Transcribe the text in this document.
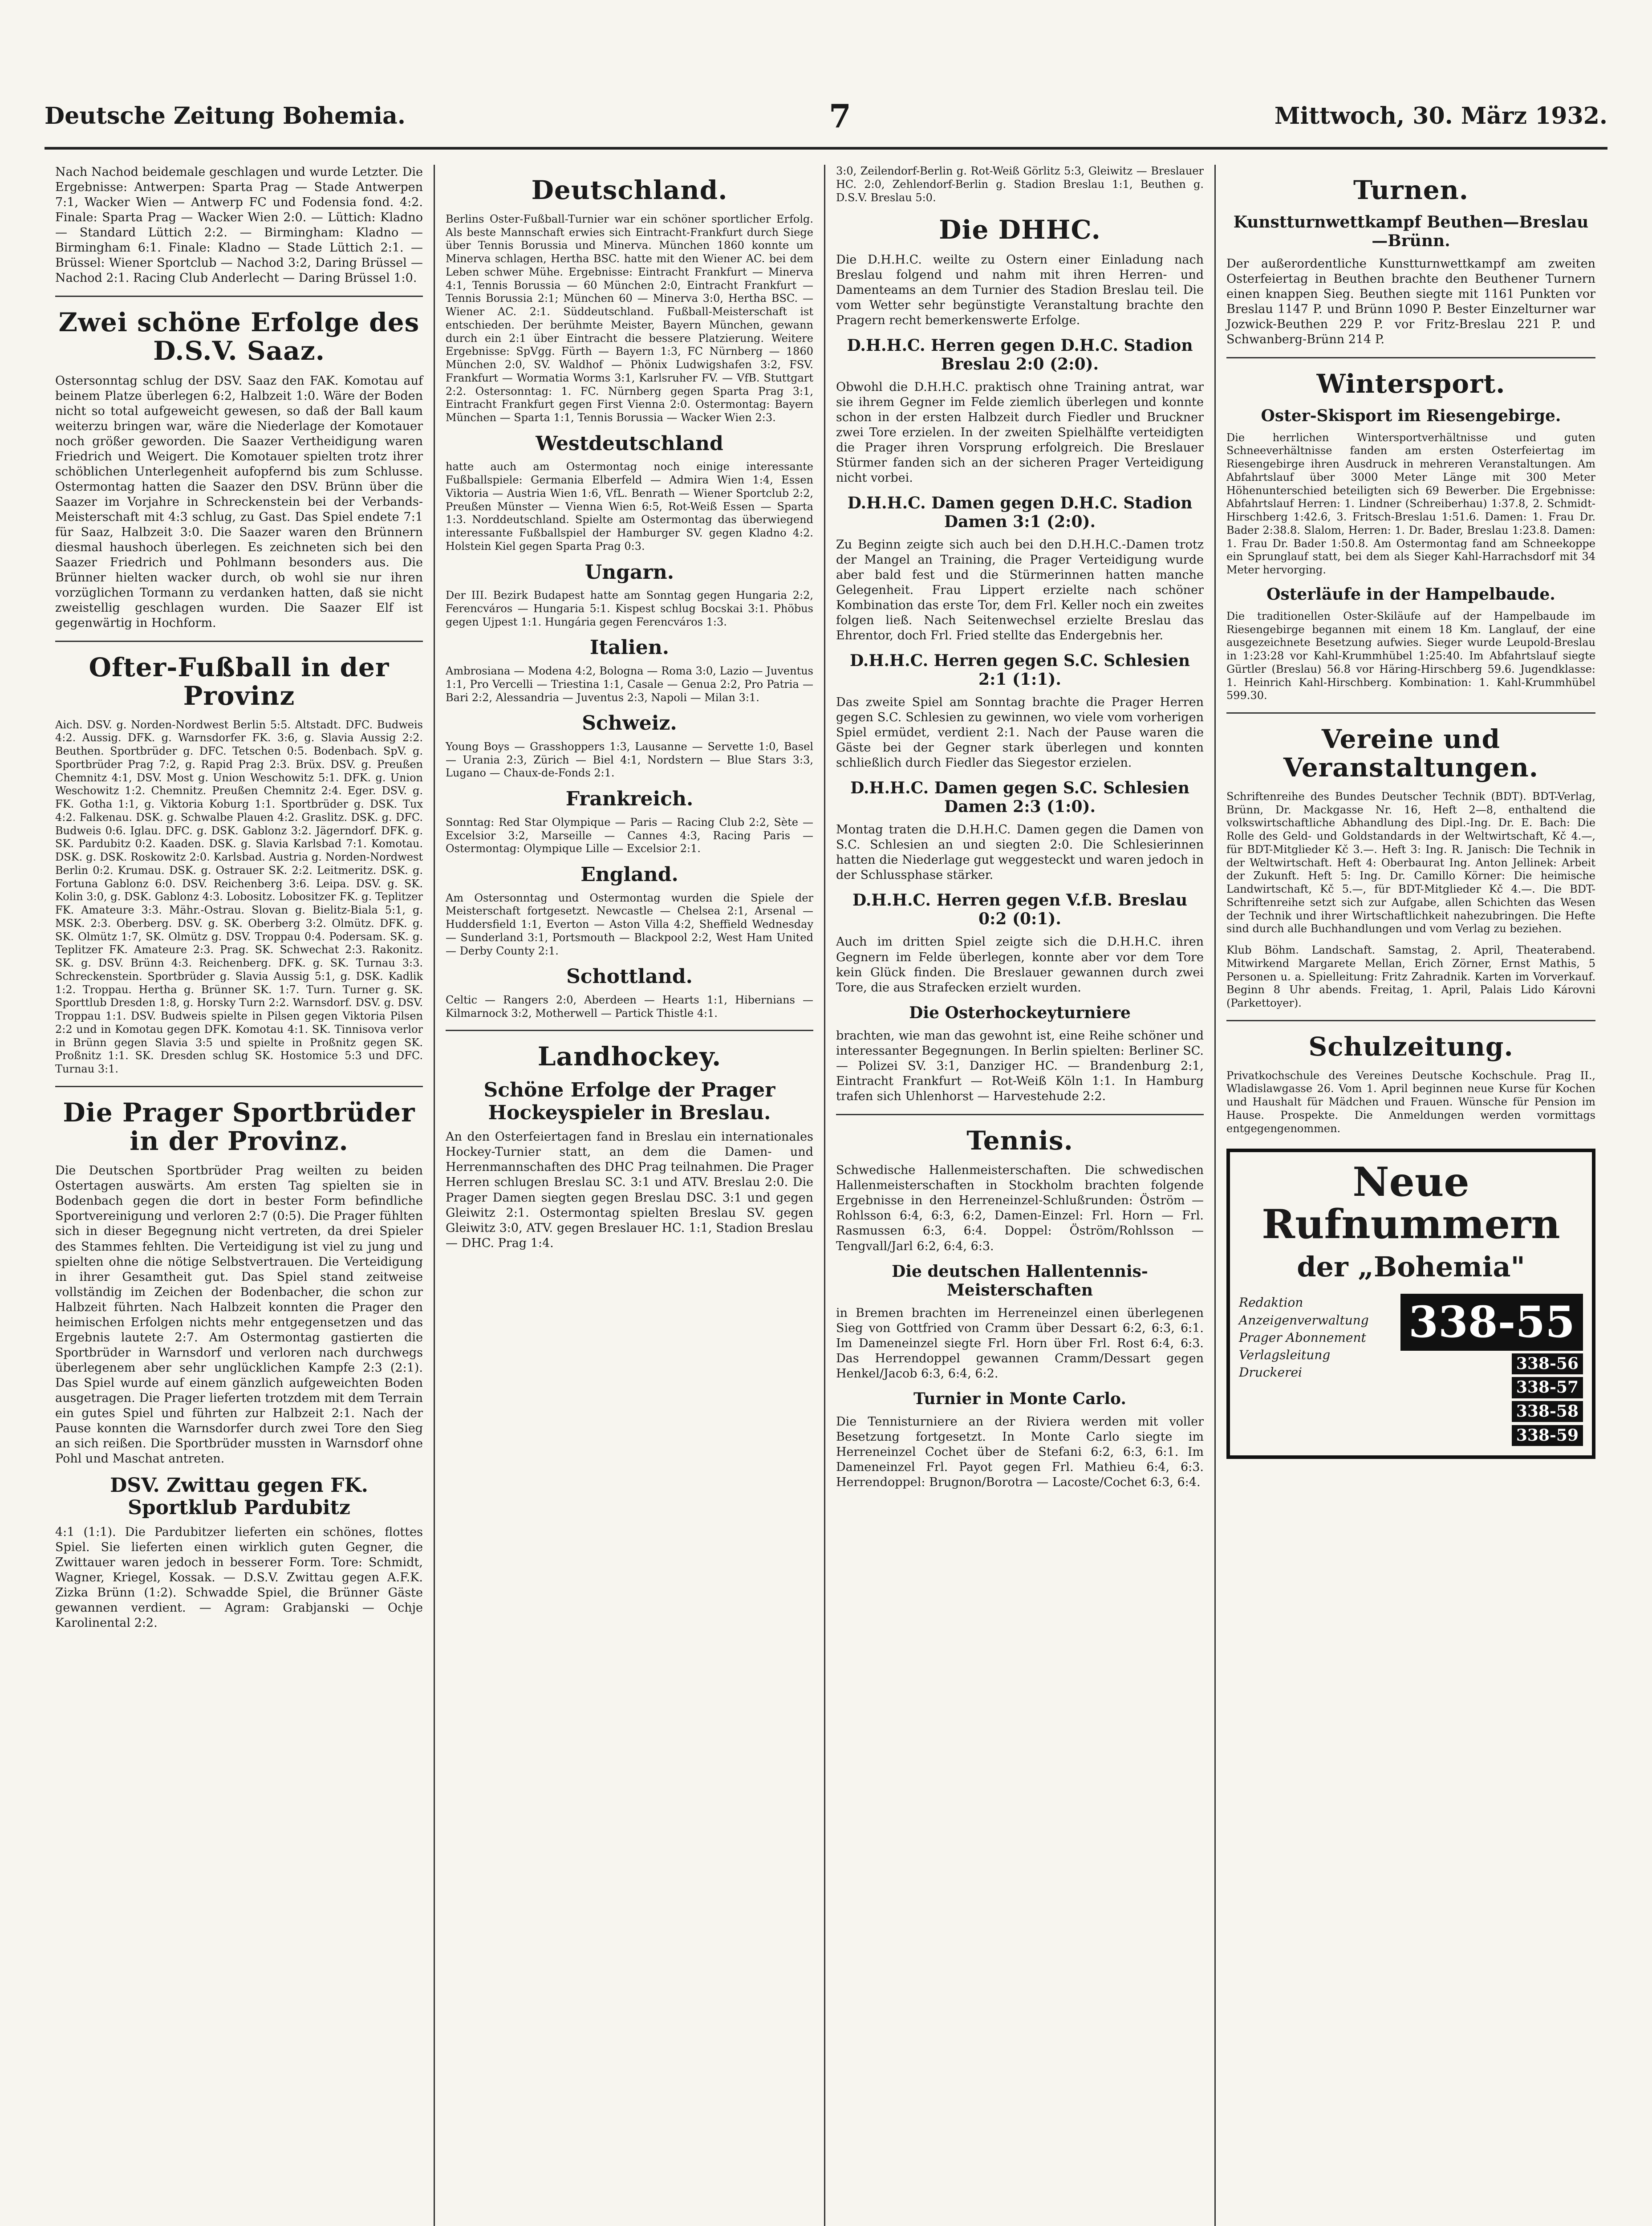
Deutsche Zeitung Bohemia.	7	Mittwoch, 30. März 1932.

Nach Nachod beidemale geschlagen und wurde Letzter. Die Ergebnisse: Antwerpen: Sparta Prag — Stade Antwerpen 7:1, Wacker Wien — Antwerp FC und Fodensia fond. 4:2. Finale: Sparta Prag — Wacker Wien 2:0. — Lüttich: Kladno — Standard Lüttich 2:2. — Birmingham: Kladno — Birmingham 6:1. Finale: Kladno — Stade Lüttich 2:1. — Brüssel: Wiener Sportclub — Nachod 3:2, Daring Brüssel — Nachod 2:1. Racing Club Anderlecht — Daring Brüssel 1:0.

Zwei schöne Erfolge des D.S.V. Saaz.

Ostersonntag schlug der DSV. Saaz den FAK. Komotau auf beinem Platze überlegen 6:2, Halbzeit 1:0. Wäre der Boden nicht so total aufgeweicht gewesen, so daß der Ball kaum weiterzu bringen war, wäre die Niederlage der Komotauer noch größer geworden. Die Saazer Vertheidigung waren Friedrich und Weigert. Die Komotauer spielten trotz ihrer schöblichen Unterlegenheit aufopfernd bis zum Schlusse. Ostermontag hatten die Saazer den DSV. Brünn über die Saazer im Vorjahre in Schreckenstein bei der Verbands-Meisterschaft mit 4:3 schlug, zu Gast. Das Spiel endete 7:1 für Saaz, Halbzeit 3:0. Die Saazer waren den Brünnern diesmal haushoch überlegen. Es zeichneten sich bei den Saazer Friedrich und Pohlmann besonders aus. Die Brünner hielten wacker durch, ob wohl sie nur ihren vorzüglichen Tormann zu verdanken hatten, daß sie nicht zweistellig geschlagen wurden. Die Saazer Elf ist gegenwärtig in Hochform.

Ofter-Fußball in der Provinz

Aich. DSV. g. Norden-Nordwest Berlin 5:5. Altstadt. DFC. Budweis 4:2. Aussig. DFK. g. Warnsdorfer FK. 3:6, g. Slavia Aussig 2:2. Beuthen. Sportbrüder g. DFC. Tetschen 0:5. Bodenbach. SpV. g. Sportbrüder Prag 7:2, g. Rapid Prag 2:3. Brüx. DSV. g. Preußen Chemnitz 4:1, DSV. Most g. Union Weschowitz 5:1. DFK. g. Union Weschowitz 1:2. Chemnitz. Preußen Chemnitz 2:4. Eger. DSV. g. FK. Gotha 1:1, g. Viktoria Koburg 1:1. Sportbrüder g. DSK. Tux 4:2. Falkenau. DSK. g. Schwalbe Plauen 4:2. Graslitz. DSK. g. DFC. Budweis 0:6. Iglau. DFC. g. DSK. Gablonz 3:2. Jägerndorf. DFK. g. SK. Pardubitz 0:2. Kaaden. DSK. g. Slavia Karlsbad 7:1. Komotau. DSK. g. DSK. Roskowitz 2:0. Karlsbad. Austria g. Norden-Nordwest Berlin 0:2. Krumau. DSK. g. Ostrauer SK. 2:2. Leitmeritz. DSK. g. Fortuna Gablonz 6:0. DSV. Reichenberg 3:6. Leipa. DSV. g. SK. Kolin 3:0, g. DSK. Gablonz 4:3. Lobositz. Lobositzer FK. g. Teplitzer FK. Amateure 3:3. Mähr.-Ostrau. Slovan g. Bielitz-Biala 5:1, g. MSK. 2:3. Oberberg. DSV. g. SK. Oberberg 3:2. Olmütz. DFK. g. SK. Olmütz 1:7, SK. Olmütz g. DSV. Troppau 0:4. Podersam. SK. g. Teplitzer FK. Amateure 2:3. Prag. SK. Schwechat 2:3. Rakonitz. SK. g. DSV. Brünn 4:3. Reichenberg. DFK. g. SK. Turnau 3:3. Schreckenstein. Sportbrüder g. Slavia Aussig 5:1, g. DSK. Kadlik 1:2. Troppau. Hertha g. Brünner SK. 1:7. Turn. Turner g. SK. Sporttlub Dresden 1:8, g. Horsky Turn 2:2. Warnsdorf. DSV. g. DSV. Troppau 1:1. DSV. Budweis spielte in Pilsen gegen Viktoria Pilsen 2:2 und in Komotau gegen DFK. Komotau 4:1. SK. Tinnisova verlor in Brünn gegen Slavia 3:5 und spielte in Proßnitz gegen SK. Proßnitz 1:1. SK. Dresden schlug SK. Hostomice 5:3 und DFC. Turnau 3:1.

Die Prager Sportbrüder in der Provinz.

Die Deutschen Sportbrüder Prag weilten zu beiden Ostertagen auswärts. Am ersten Tag spielten sie in Bodenbach gegen die dort in bester Form befindliche Sportvereinigung und verloren 2:7 (0:5). Die Prager fühlten sich in dieser Begegnung nicht vertreten, da drei Spieler des Stammes fehlten. Die Verteidigung ist viel zu jung und spielten ohne die nötige Selbstvertrauen. Die Verteidigung in ihrer Gesamtheit gut. Das Spiel stand zeitweise vollständig im Zeichen der Bodenbacher, die schon zur Halbzeit führten. Nach Halbzeit konnten die Prager den heimischen Erfolgen nichts mehr entgegensetzen und das Ergebnis lautete 2:7. Am Ostermontag gastierten die Sportbrüder in Warnsdorf und verloren nach durchwegs überlegenem aber sehr unglücklichen Kampfe 2:3 (2:1). Das Spiel wurde auf einem gänzlich aufgeweichten Boden ausgetragen. Die Prager lieferten trotzdem mit dem Terrain ein gutes Spiel und führten zur Halbzeit 2:1. Nach der Pause konnten die Warnsdorfer durch zwei Tore den Sieg an sich reißen. Die Sportbrüder mussten in Warnsdorf ohne Pohl und Maschat antreten.

DSV. Zwittau gegen FK. Sportklub Pardubitz

4:1 (1:1). Die Pardubitzer lieferten ein schönes, flottes Spiel. Sie lieferten einen wirklich guten Gegner, die Zwittauer waren jedoch in besserer Form. Tore: Schmidt, Wagner, Kriegel, Kossak. — D.S.V. Zwittau gegen A.F.K. Zizka Brünn (1:2). Schwadde Spiel, die Brünner Gäste gewannen verdient. — Agram: Grabjanski — Ochje Karolinental 2:2.

Deutschland.

Berlins Oster-Fußball-Turnier war ein schöner sportlicher Erfolg. Als beste Mannschaft erwies sich Eintracht-Frankfurt durch Siege über Tennis Borussia und Minerva. München 1860 konnte um Minerva schlagen, Hertha BSC. hatte mit den Wiener AC. bei dem Leben schwer Mühe. Ergebnisse: Eintracht Frankfurt — Minerva 4:1, Tennis Borussia — 60 München 2:0, Eintracht Frankfurt — Tennis Borussia 2:1; München 60 — Minerva 3:0, Hertha BSC. — Wiener AC. 2:1. Süddeutschland. Fußball-Meisterschaft ist entschieden. Der berühmte Meister, Bayern München, gewann durch ein 2:1 über Eintracht die bessere Platzierung. Weitere Ergebnisse: SpVgg. Fürth — Bayern 1:3, FC Nürnberg — 1860 München 2:0, SV. Waldhof — Phönix Ludwigshafen 3:2, FSV. Frankfurt — Wormatia Worms 3:1, Karlsruher FV. — VfB. Stuttgart 2:2. Ostersonntag: 1. FC. Nürnberg gegen Sparta Prag 3:1, Eintracht Frankfurt gegen First Vienna 2:0. Ostermontag: Bayern München — Sparta 1:1, Tennis Borussia — Wacker Wien 2:3.

Westdeutschland

hatte auch am Ostermontag noch einige interessante Fußballspiele: Germania Elberfeld — Admira Wien 1:4, Essen Viktoria — Austria Wien 1:6, VfL. Benrath — Wiener Sportclub 2:2, Preußen Münster — Vienna Wien 6:5, Rot-Weiß Essen — Sparta 1:3. Norddeutschland. Spielte am Ostermontag das überwiegend interessante Fußballspiel der Hamburger SV. gegen Kladno 4:2. Holstein Kiel gegen Sparta Prag 0:3.

Ungarn.

Der III. Bezirk Budapest hatte am Sonntag gegen Hungaria 2:2, Ferencváros — Hungaria 5:1. Kispest schlug Bocskai 3:1. Phöbus gegen Ujpest 1:1. Hungária gegen Ferencváros 1:3.

Italien.

Ambrosiana — Modena 4:2, Bologna — Roma 3:0, Lazio — Juventus 1:1, Pro Vercelli — Triestina 1:1, Casale — Genua 2:2, Pro Patria — Bari 2:2, Alessandria — Juventus 2:3, Napoli — Milan 3:1.

Schweiz.

Young Boys — Grasshoppers 1:3, Lausanne — Servette 1:0, Basel — Urania 2:3, Zürich — Biel 4:1, Nordstern — Blue Stars 3:3, Lugano — Chaux-de-Fonds 2:1.

Frankreich.

Sonntag: Red Star Olympique — Paris — Racing Club 2:2, Sète — Excelsior 3:2, Marseille — Cannes 4:3, Racing Paris — Ostermontag: Olympique Lille — Excelsior 2:1.

England.

Am Ostersonntag und Ostermontag wurden die Spiele der Meisterschaft fortgesetzt. Newcastle — Chelsea 2:1, Arsenal — Huddersfield 1:1, Everton — Aston Villa 4:2, Sheffield Wednesday — Sunderland 3:1, Portsmouth — Blackpool 2:2, West Ham United — Derby County 2:1.

Schottland.

Celtic — Rangers 2:0, Aberdeen — Hearts 1:1, Hibernians — Kilmarnock 3:2, Motherwell — Partick Thistle 4:1.

Landhockey.
Schöne Erfolge der Prager Hockeyspieler in Breslau.

An den Osterfeiertagen fand in Breslau ein internationales Hockey-Turnier statt, an dem die Damen- und Herrenmannschaften des DHC Prag teilnahmen. Die Prager Herren schlugen Breslau SC. 3:1 und ATV. Breslau 2:0. Die Prager Damen siegten gegen Breslau DSC. 3:1 und gegen Gleiwitz 2:1. Ostermontag spielten Breslau SV. gegen Gleiwitz 3:0, ATV. gegen Breslauer HC. 1:1, Stadion Breslau — DHC. Prag 1:4.

3:0, Zeilendorf-Berlin g. Rot-Weiß Görlitz 5:3, Gleiwitz — Breslauer HC. 2:0, Zehlendorf-Berlin g. Stadion Breslau 1:1, Beuthen g. D.S.V. Breslau 5:0.

Die DHHC.

Die D.H.H.C. weilte zu Ostern einer Einladung nach Breslau folgend und nahm mit ihren Herren- und Damenteams an dem Turnier des Stadion Breslau teil. Die vom Wetter sehr begünstigte Veranstaltung brachte den Pragern recht bemerkenswerte Erfolge.

D.H.H.C. Herren gegen D.H.C. Stadion Breslau 2:0 (2:0).

Obwohl die D.H.H.C. praktisch ohne Training antrat, war sie ihrem Gegner im Felde ziemlich überlegen und konnte schon in der ersten Halbzeit durch Fiedler und Bruckner zwei Tore erzielen. In der zweiten Spielhälfte verteidigten die Prager ihren Vorsprung erfolgreich. Die Breslauer Stürmer fanden sich an der sicheren Prager Verteidigung nicht vorbei.

D.H.H.C. Damen gegen D.H.C. Stadion Damen 3:1 (2:0).

Zu Beginn zeigte sich auch bei den D.H.H.C.-Damen trotz der Mangel an Training, die Prager Verteidigung wurde aber bald fest und die Stürmerinnen hatten manche Gelegenheit. Frau Lippert erzielte nach schöner Kombination das erste Tor, dem Frl. Keller noch ein zweites folgen ließ. Nach Seitenwechsel erzielte Breslau das Ehrentor, doch Frl. Fried stellte das Endergebnis her.

D.H.H.C. Herren gegen S.C. Schlesien 2:1 (1:1).

Das zweite Spiel am Sonntag brachte die Prager Herren gegen S.C. Schlesien zu gewinnen, wo viele vom vorherigen Spiel ermüdet, verdient 2:1. Nach der Pause waren die Gäste bei der Gegner stark überlegen und konnten schließlich durch Fiedler das Siegestor erzielen.

D.H.H.C. Damen gegen S.C. Schlesien Damen 2:3 (1:0).

Montag traten die D.H.H.C. Damen gegen die Damen von S.C. Schlesien an und siegten 2:0. Die Schlesierinnen hatten die Niederlage gut weggesteckt und waren jedoch in der Schlussphase stärker.

D.H.H.C. Herren gegen V.f.B. Breslau 0:2 (0:1).

Auch im dritten Spiel zeigte sich die D.H.H.C. ihren Gegnern im Felde überlegen, konnte aber vor dem Tore kein Glück finden. Die Breslauer gewannen durch zwei Tore, die aus Strafecken erzielt wurden.

Die Osterhockeyturniere

brachten, wie man das gewohnt ist, eine Reihe schöner und interessanter Begegnungen. In Berlin spielten: Berliner SC. — Polizei SV. 3:1, Danziger HC. — Brandenburg 2:1, Eintracht Frankfurt — Rot-Weiß Köln 1:1. In Hamburg trafen sich Uhlenhorst — Harvestehude 2:2.

Tennis.

Schwedische Hallenmeisterschaften. Die schwedischen Hallenmeisterschaften in Stockholm brachten folgende Ergebnisse in den Herreneinzel-Schlußrunden: Öström — Rohlsson 6:4, 6:3, 6:2, Damen-Einzel: Frl. Horn — Frl. Rasmussen 6:3, 6:4. Doppel: Öström/Rohlsson — Tengvall/Jarl 6:2, 6:4, 6:3.

Die deutschen Hallentennis-Meisterschaften

in Bremen brachten im Herreneinzel einen überlegenen Sieg von Gottfried von Cramm über Dessart 6:2, 6:3, 6:1. Im Dameneinzel siegte Frl. Horn über Frl. Rost 6:4, 6:3. Das Herrendoppel gewannen Cramm/Dessart gegen Henkel/Jacob 6:3, 6:4, 6:2.

Turnier in Monte Carlo.

Die Tennisturniere an der Riviera werden mit voller Besetzung fortgesetzt. In Monte Carlo siegte im Herreneinzel Cochet über de Stefani 6:2, 6:3, 6:1. Im Dameneinzel Frl. Payot gegen Frl. Mathieu 6:4, 6:3. Herrendoppel: Brugnon/Borotra — Lacoste/Cochet 6:3, 6:4.

Turnen.
Kunstturnwettkampf Beuthen—Breslau—Brünn.

Der außerordentliche Kunstturnwettkampf am zweiten Osterfeiertag in Beuthen brachte den Beuthener Turnern einen knappen Sieg. Beuthen siegte mit 1161 Punkten vor Breslau 1147 P. und Brünn 1090 P. Bester Einzelturner war Jozwick-Beuthen 229 P. vor Fritz-Breslau 221 P. und Schwanberg-Brünn 214 P.

Wintersport.
Oster-Skisport im Riesengebirge.

Die herrlichen Wintersportverhältnisse und guten Schneeverhältnisse fanden am ersten Osterfeiertag im Riesengebirge ihren Ausdruck in mehreren Veranstaltungen. Am Abfahrtslauf über 3000 Meter Länge mit 300 Meter Höhenunterschied beteiligten sich 69 Bewerber. Die Ergebnisse: Abfahrtslauf Herren: 1. Lindner (Schreiberhau) 1:37.8, 2. Schmidt-Hirschberg 1:42.6, 3. Fritsch-Breslau 1:51.6. Damen: 1. Frau Dr. Bader 2:38.8. Slalom, Herren: 1. Dr. Bader, Breslau 1:23.8. Damen: 1. Frau Dr. Bader 1:50.8. Am Ostermontag fand am Schneekoppe ein Sprunglauf statt, bei dem als Sieger Kahl-Harrachsdorf mit 34 Meter hervorging.

Osterläufe in der Hampelbaude.

Die traditionellen Oster-Skiläufe auf der Hampelbaude im Riesengebirge begannen mit einem 18 Km. Langlauf, der eine ausgezeichnete Besetzung aufwies. Sieger wurde Leupold-Breslau in 1:23:28 vor Kahl-Krummhübel 1:25:40. Im Abfahrtslauf siegte Gürtler (Breslau) 56.8 vor Häring-Hirschberg 59.6. Jugendklasse: 1. Heinrich Kahl-Hirschberg. Kombination: 1. Kahl-Krummhübel 599.30.

Vereine und Veranstaltungen.

Schriftenreihe des Bundes Deutscher Technik (BDT). BDT-Verlag, Brünn, Dr. Mackgasse Nr. 16, Heft 2—8, enthaltend die volkswirtschaftliche Abhandlung des Dipl.-Ing. Dr. E. Bach: Die Rolle des Geld- und Goldstandards in der Weltwirtschaft, Kč 4.—, für BDT-Mitglieder Kč 3.—. Heft 3: Ing. R. Janisch: Die Technik in der Weltwirtschaft. Heft 4: Oberbaurat Ing. Anton Jellinek: Arbeit der Zukunft. Heft 5: Ing. Dr. Camillo Körner: Die heimische Landwirtschaft, Kč 5.—, für BDT-Mitglieder Kč 4.—. Die BDT-Schriftenreihe setzt sich zur Aufgabe, allen Schichten das Wesen der Technik und ihrer Wirtschaftlichkeit nahezubringen. Die Hefte sind durch alle Buchhandlungen und vom Verlag zu beziehen.

Klub Böhm. Landschaft. Samstag, 2. April, Theaterabend. Mitwirkend Margarete Mellan, Erich Zörner, Ernst Mathis, 5 Personen u. a. Spielleitung: Fritz Zahradnik. Karten im Vorverkauf. Beginn 8 Uhr abends. Freitag, 1. April, Palais Lido Károvni (Parkettoyer).

Schulzeitung.

Privatkochschule des Vereines Deutsche Kochschule. Prag II., Wladislawgasse 26. Vom 1. April beginnen neue Kurse für Kochen und Haushalt für Mädchen und Frauen. Wünsche für Pension im Hause. Prospekte. Die Anmeldungen werden vormittags entgegengenommen.

Neue Rufnummern
der „Bohemia"
Redaktion
Anzeigenverwaltung
Prager Abonnement
Verlagsleitung
Druckerei
338-55
338-56
338-57
338-58
338-59
